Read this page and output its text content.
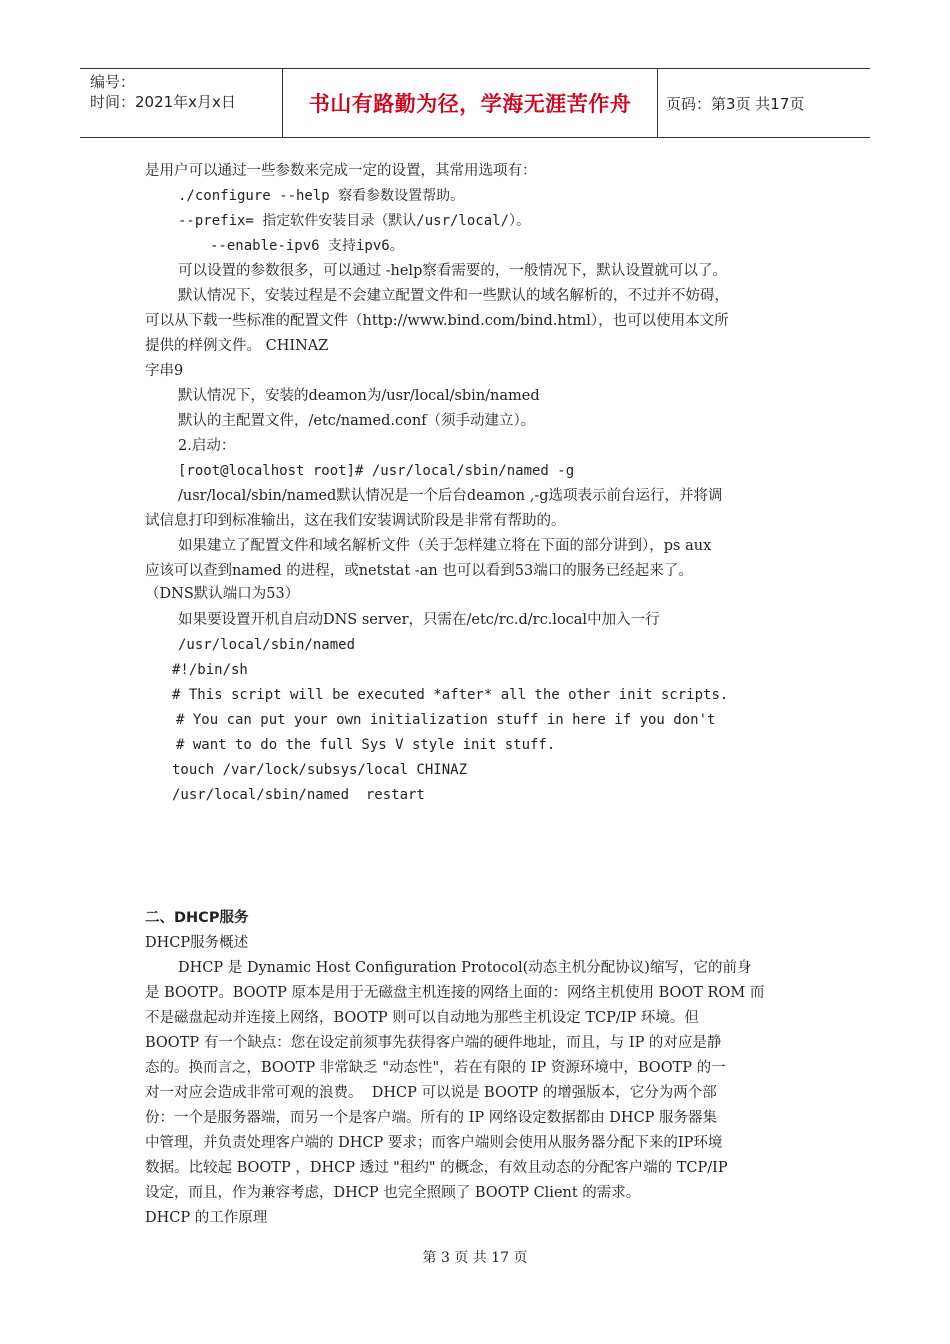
编号：
时间：2021年x月x日	书山有路勤为径，学海无涯苦作舟	页码：第3页 共17页
是用户可以通过一些参数来完成一定的设置，其常用选项有：
./configure --help 察看参数设置帮助。
--prefix= 指定软件安装目录（默认/usr/local/）。
--enable-ipv6 支持ipv6。
可以设置的参数很多，可以通过 -help察看需要的，一般情况下，默认设置就可以了。
默认情况下，安装过程是不会建立配置文件和一些默认的域名解析的，不过并不妨碍，
可以从下载一些标准的配置文件（http://www.bind.com/bind.html），也可以使用本文所
提供的样例文件。 CHINAZ
字串9
默认情况下，安装的deamon为/usr/local/sbin/named
默认的主配置文件，/etc/named.conf（须手动建立）。
2.启动：
[root@localhost root]# /usr/local/sbin/named -g
/usr/local/sbin/named默认情况是一个后台deamon ,-g选项表示前台运行，并将调
试信息打印到标准输出，这在我们安装调试阶段是非常有帮助的。
如果建立了配置文件和域名解析文件（关于怎样建立将在下面的部分讲到），ps aux
应该可以查到named 的进程，或netstat -an 也可以看到53端口的服务已经起来了。
（DNS默认端口为53）
如果要设置开机自启动DNS server，只需在/etc/rc.d/rc.local中加入一行
/usr/local/sbin/named
#!/bin/sh
# This script will be executed *after* all the other init scripts.
# You can put your own initialization stuff in here if you don't
# want to do the full Sys V style init stuff.
touch /var/lock/subsys/local CHINAZ
/usr/local/sbin/named  restart
二、DHCP服务
DHCP服务概述
DHCP 是 Dynamic Host Configuration Protocol(动态主机分配协议)缩写，它的前身
是 BOOTP。BOOTP 原本是用于无磁盘主机连接的网络上面的：网络主机使用 BOOT ROM 而
不是磁盘起动并连接上网络，BOOTP 则可以自动地为那些主机设定 TCP/IP 环境。但
BOOTP 有一个缺点：您在设定前须事先获得客户端的硬件地址，而且，与 IP 的对应是静
态的。换而言之，BOOTP 非常缺乏 "动态性"，若在有限的 IP 资源环境中，BOOTP 的一
对一对应会造成非常可观的浪费。  DHCP 可以说是 BOOTP 的增强版本，它分为两个部
份：一个是服务器端，而另一个是客户端。所有的 IP 网络设定数据都由 DHCP 服务器集
中管理，并负责处理客户端的 DHCP 要求；而客户端则会使用从服务器分配下来的IP环境
数据。比较起 BOOTP ，DHCP 透过 "租约" 的概念，有效且动态的分配客户端的 TCP/IP
设定，而且，作为兼容考虑，DHCP 也完全照顾了 BOOTP Client 的需求。
DHCP 的工作原理
第 3 页 共 17 页
